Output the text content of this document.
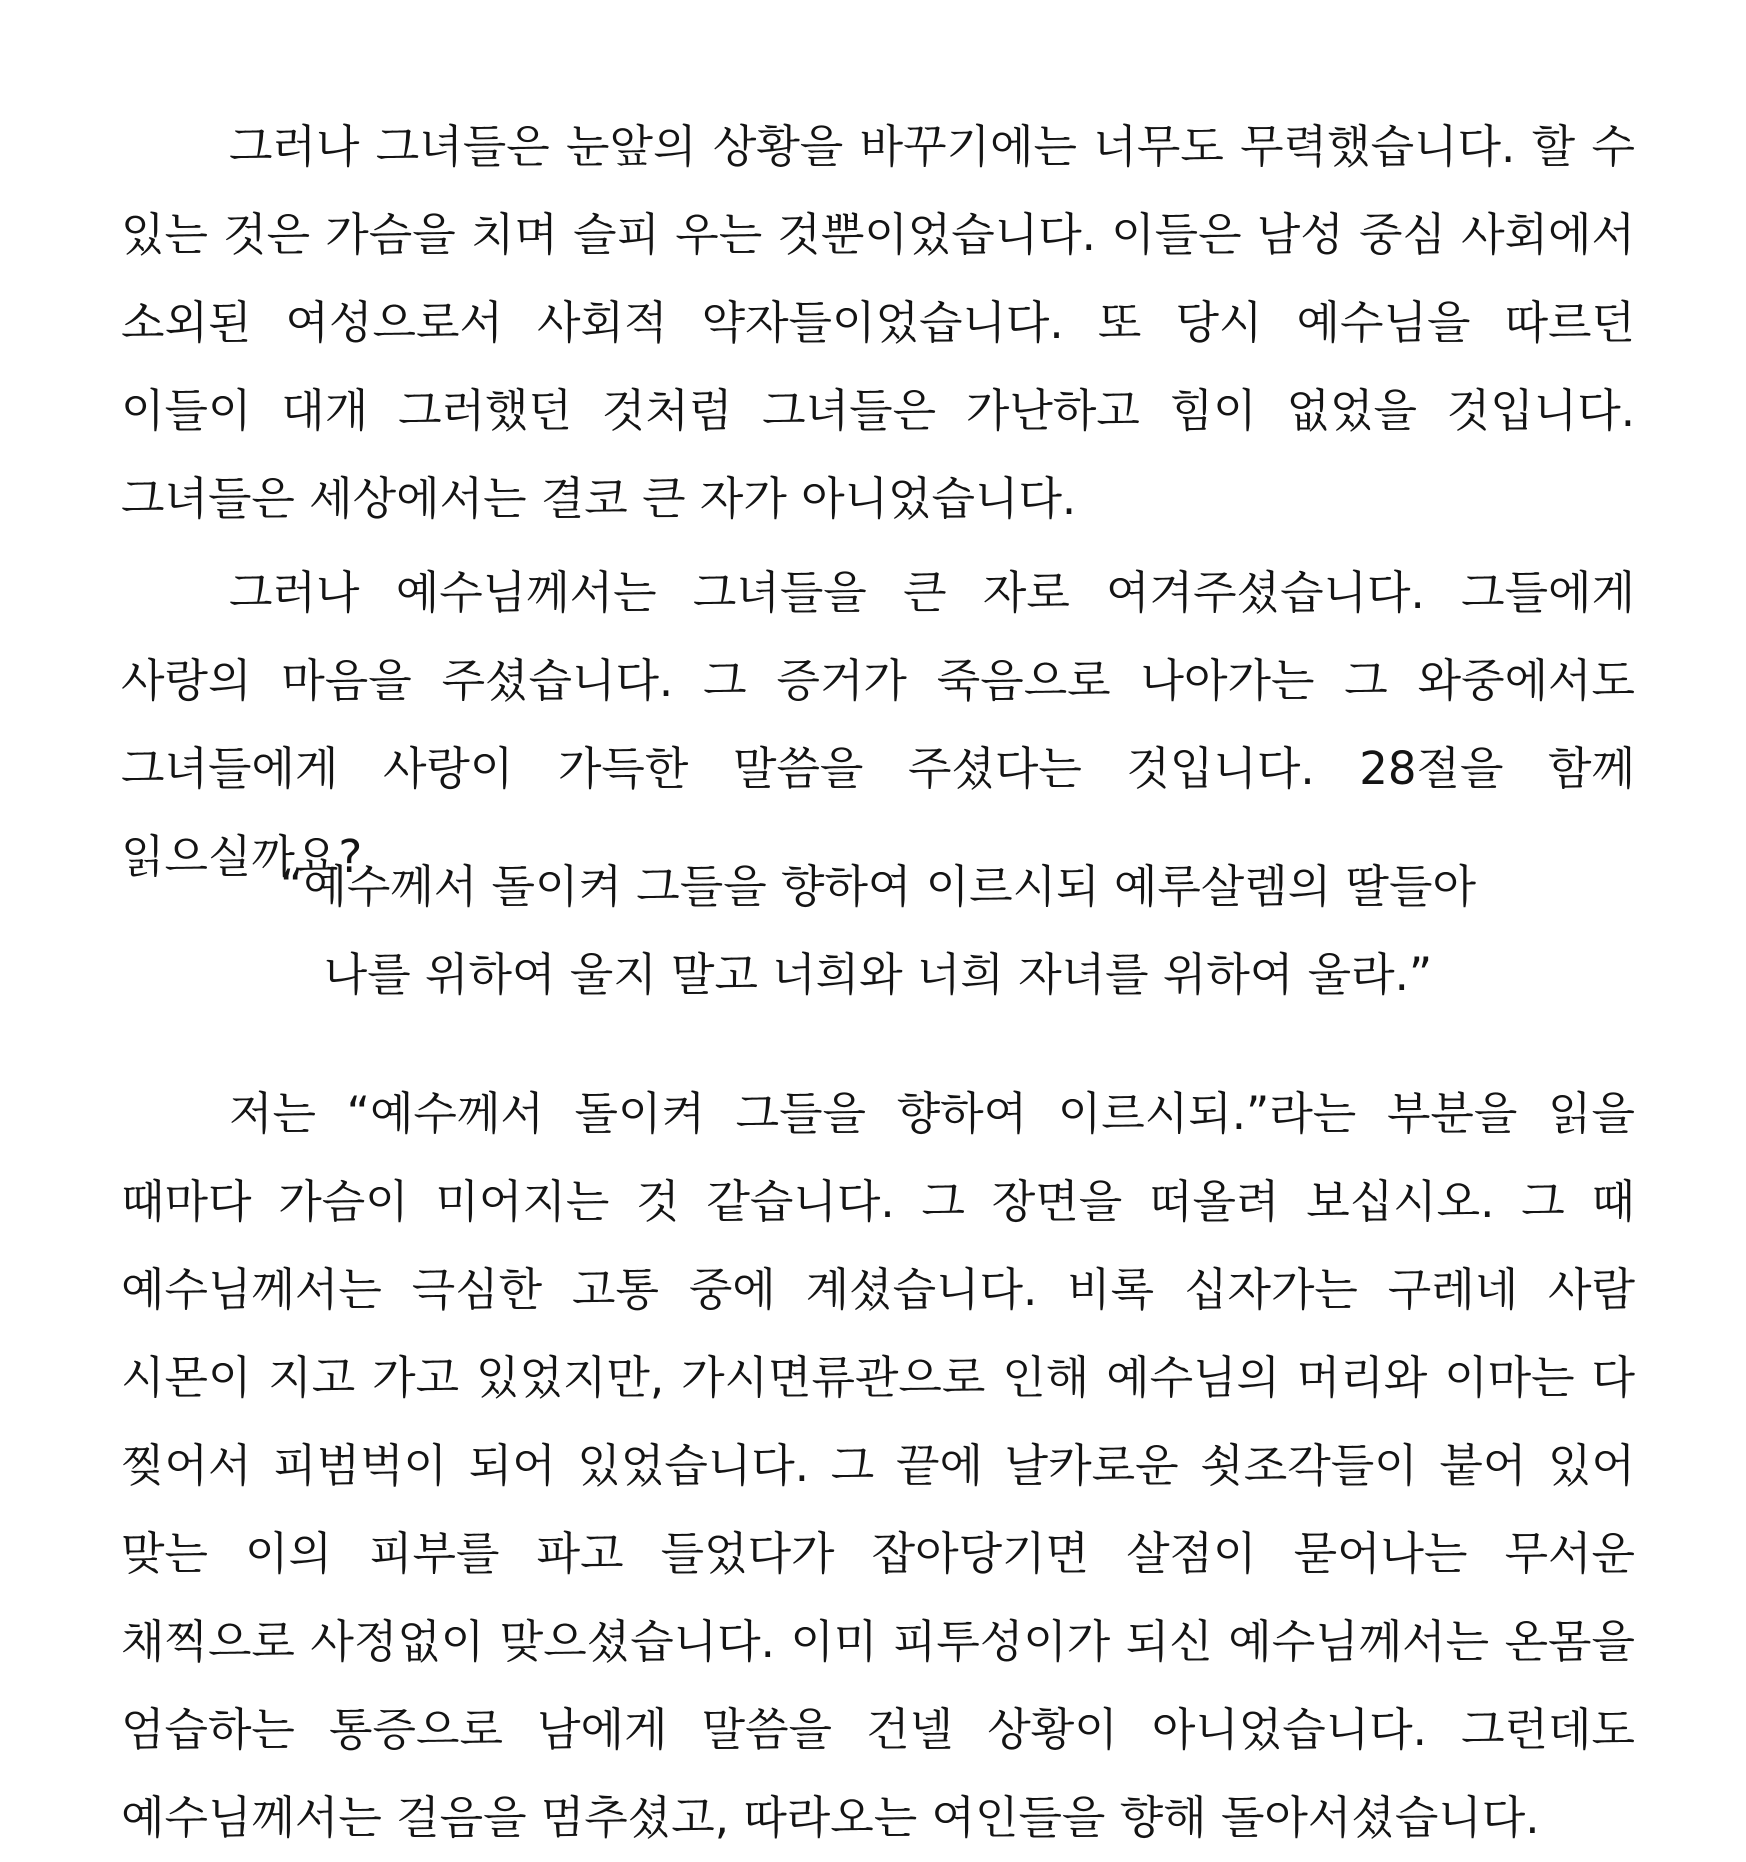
그러나 그녀들은 눈앞의 상황을 바꾸기에는 너무도 무력했습니다. 할 수 있는 것은 가슴을 치며 슬피 우는 것뿐이었습니다. 이들은 남성 중심 사회에서 소외된 여성으로서 사회적 약자들이었습니다. 또 당시 예수님을 따르던 이들이 대개 그러했던 것처럼 그녀들은 가난하고 힘이 없었을 것입니다. 그녀들은 세상에서는 결코 큰 자가 아니었습니다.

그러나 예수님께서는 그녀들을 큰 자로 여겨주셨습니다. 그들에게 사랑의 마음을 주셨습니다. 그 증거가 죽음으로 나아가는 그 와중에서도 그녀들에게 사랑이 가득한 말씀을 주셨다는 것입니다. 28절을 함께 읽으실까요?

“예수께서 돌이켜 그들을 향하여 이르시되 예루살렘의 딸들아
나를 위하여 울지 말고 너희와 너희 자녀를 위하여 울라.”

저는 “예수께서 돌이켜 그들을 향하여 이르시되.”라는 부분을 읽을 때마다 가슴이 미어지는 것 같습니다. 그 장면을 떠올려 보십시오. 그 때 예수님께서는 극심한 고통 중에 계셨습니다. 비록 십자가는 구레네 사람 시몬이 지고 가고 있었지만, 가시면류관으로 인해 예수님의 머리와 이마는 다 찢어서 피범벅이 되어 있었습니다. 그 끝에 날카로운 쇳조각들이 붙어 있어 맞는 이의 피부를 파고 들었다가 잡아당기면 살점이 묻어나는 무서운 채찍으로 사정없이 맞으셨습니다. 이미 피투성이가 되신 예수님께서는 온몸을 엄습하는 통증으로 남에게 말씀을 건넬 상황이 아니었습니다. 그런데도 예수님께서는 걸음을 멈추셨고, 따라오는 여인들을 향해 돌아서셨습니다.
